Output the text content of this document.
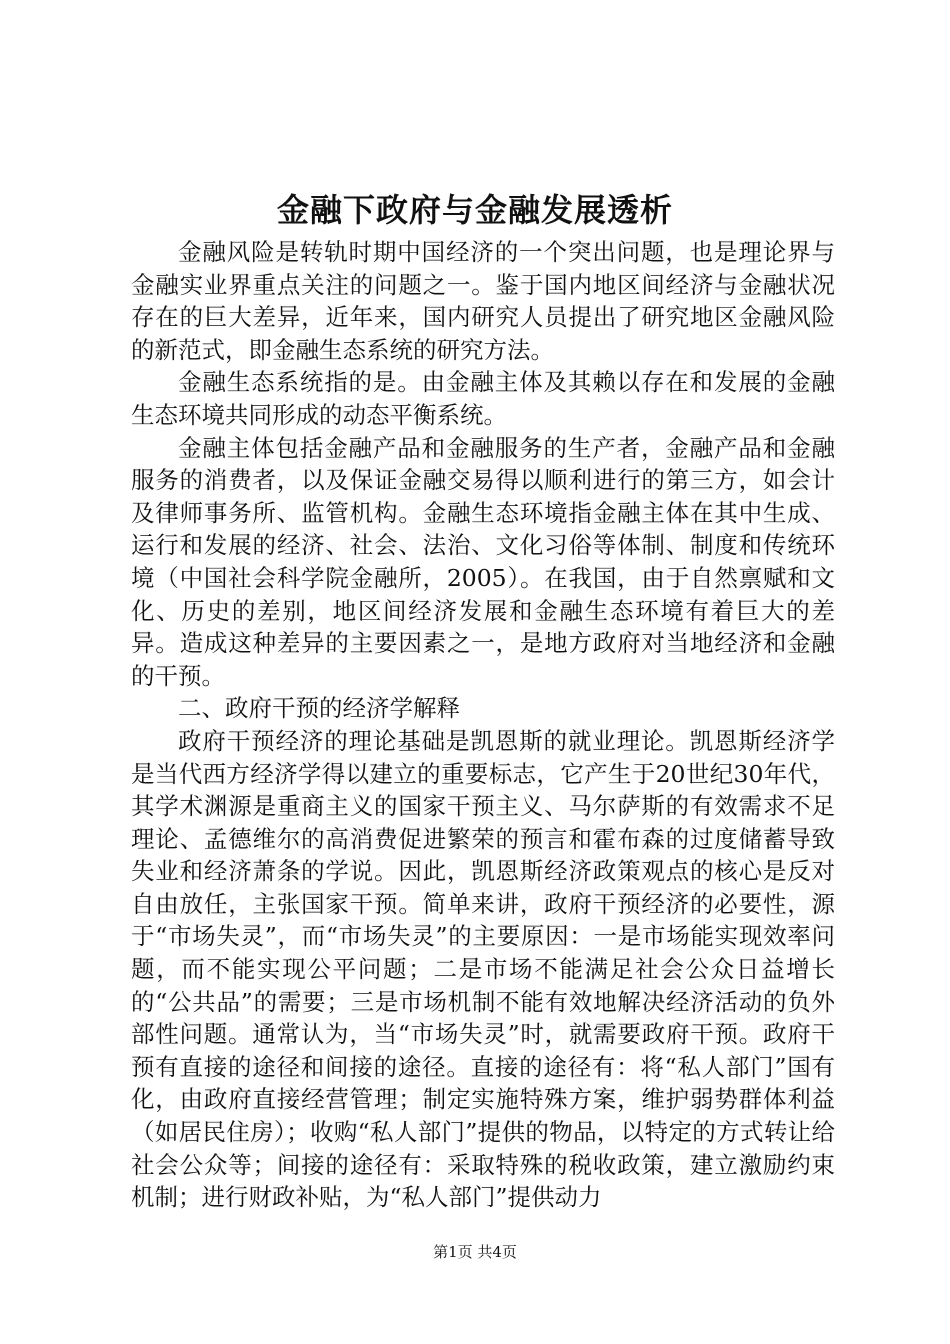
金融下政府与金融发展透析

金融风险是转轨时期中国经济的一个突出问题，也是理论界与金融实业界重点关注的问题之一。鉴于国内地区间经济与金融状况存在的巨大差异，近年来，国内研究人员提出了研究地区金融风险的新范式，即金融生态系统的研究方法。

金融生态系统指的是。由金融主体及其赖以存在和发展的金融生态环境共同形成的动态平衡系统。

金融主体包括金融产品和金融服务的生产者，金融产品和金融服务的消费者，以及保证金融交易得以顺利进行的第三方，如会计及律师事务所、监管机构。金融生态环境指金融主体在其中生成、运行和发展的经济、社会、法治、文化习俗等体制、制度和传统环境（中国社会科学院金融所，2005）。在我国，由于自然禀赋和文化、历史的差别，地区间经济发展和金融生态环境有着巨大的差异。造成这种差异的主要因素之一，是地方政府对当地经济和金融的干预。

二、政府干预的经济学解释

政府干预经济的理论基础是凯恩斯的就业理论。凯恩斯经济学是当代西方经济学得以建立的重要标志，它产生于20世纪30年代，其学术渊源是重商主义的国家干预主义、马尔萨斯的有效需求不足理论、孟德维尔的高消费促进繁荣的预言和霍布森的过度储蓄导致失业和经济萧条的学说。因此，凯恩斯经济政策观点的核心是反对自由放任，主张国家干预。简单来讲，政府干预经济的必要性，源于“市场失灵”，而“市场失灵”的主要原因：一是市场能实现效率问题，而不能实现公平问题；二是市场不能满足社会公众日益增长的“公共品”的需要；三是市场机制不能有效地解决经济活动的负外部性问题。通常认为，当“市场失灵”时，就需要政府干预。政府干预有直接的途径和间接的途径。直接的途径有：将“私人部门”国有化，由政府直接经营管理；制定实施特殊方案，维护弱势群体利益（如居民住房）；收购“私人部门”提供的物品，以特定的方式转让给社会公众等；间接的途径有：采取特殊的税收政策，建立激励约束机制；进行财政补贴，为“私人部门”提供动力

第1页 共4页
